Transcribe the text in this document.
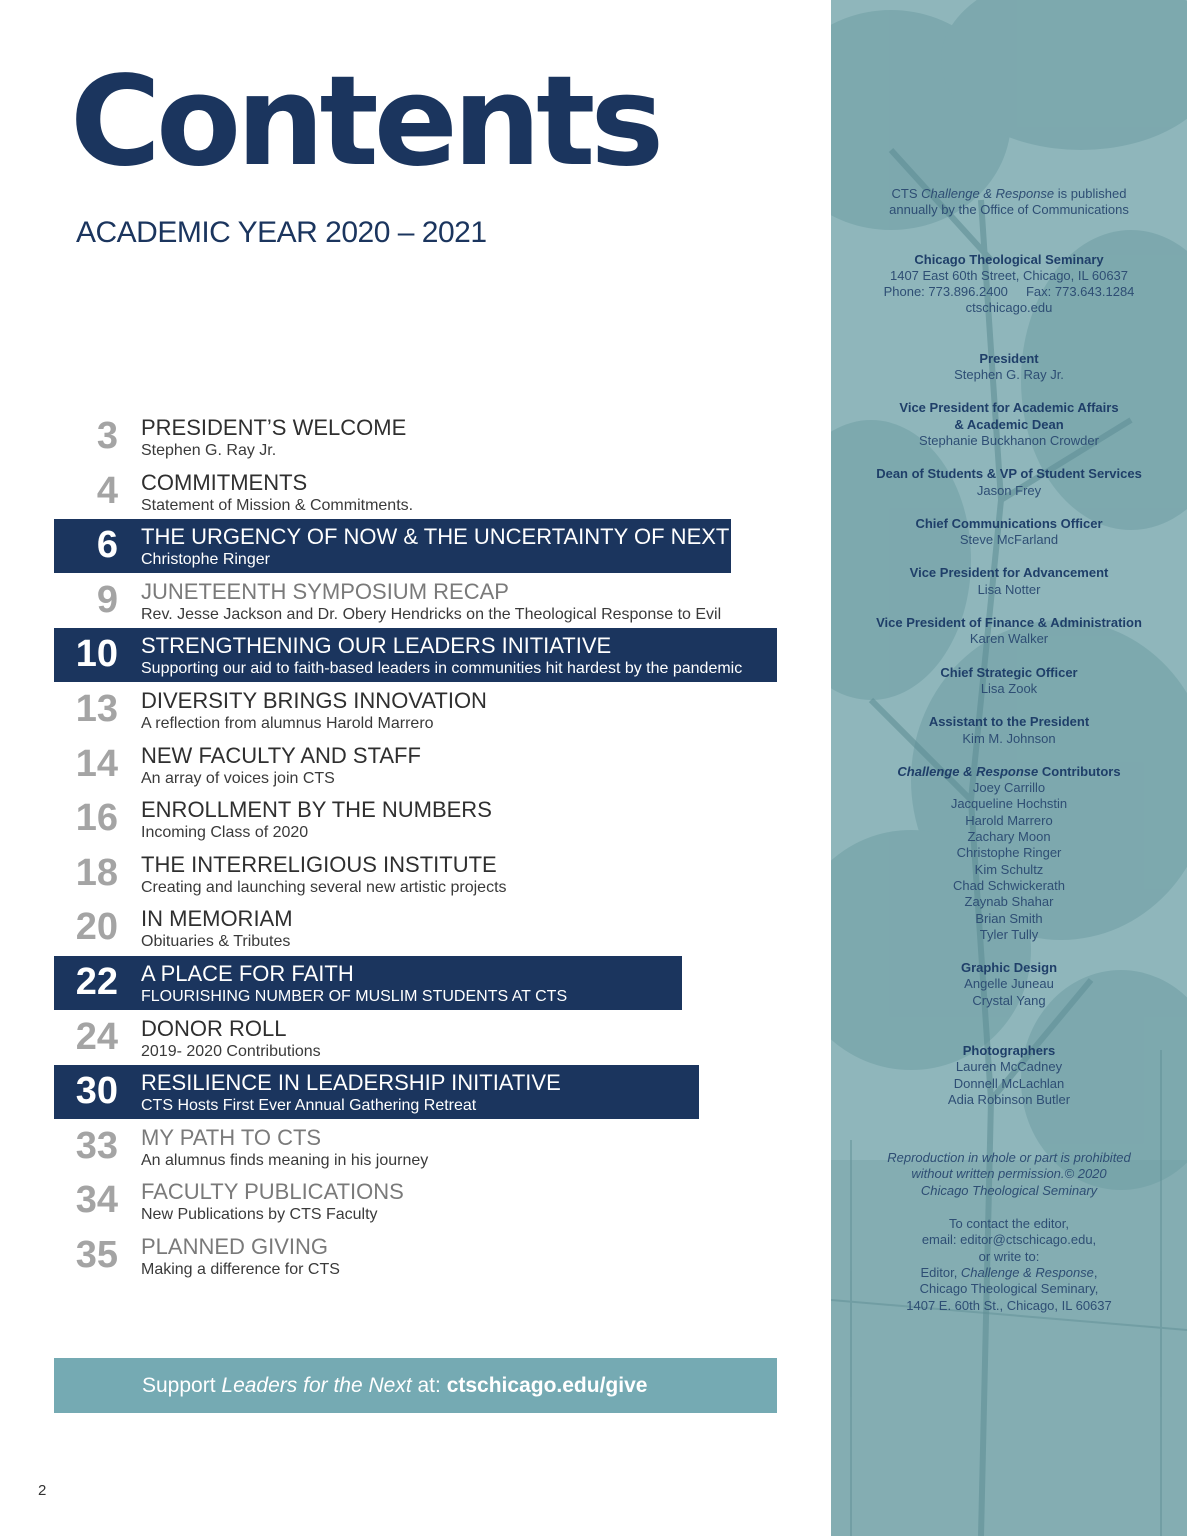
Contents
ACADEMIC YEAR 2020 – 2021
3 PRESIDENT’S WELCOME
Stephen G. Ray Jr.
4 COMMITMENTS
Statement of Mission & Commitments.
6 THE URGENCY OF NOW & THE UNCERTAINTY OF NEXT
Christophe Ringer
9 JUNETEENTH SYMPOSIUM RECAP
Rev. Jesse Jackson and Dr. Obery Hendricks on the Theological Response to Evil
10 STRENGTHENING OUR LEADERS INITIATIVE
Supporting our aid to faith-based leaders in communities hit hardest by the pandemic
13 DIVERSITY BRINGS INNOVATION
A reflection from alumnus Harold Marrero
14 NEW FACULTY AND STAFF
An array of voices join CTS
16 ENROLLMENT BY THE NUMBERS
Incoming Class of 2020
18 THE INTERRELIGIOUS INSTITUTE
Creating and launching several new artistic projects
20 IN MEMORIAM
Obituaries & Tributes
22 A PLACE FOR FAITH
FLOURISHING NUMBER OF MUSLIM STUDENTS AT CTS
24 DONOR ROLL
2019- 2020 Contributions
30 RESILIENCE IN LEADERSHIP INITIATIVE
CTS Hosts First Ever Annual Gathering Retreat
33 MY PATH TO CTS
An alumnus finds meaning in his journey
34 FACULTY PUBLICATIONS
New Publications by CTS Faculty
35 PLANNED GIVING
Making a difference for CTS
Support Leaders for the Next at: ctschicago.edu/give
2
CTS Challenge & Response is published
annually by the Office of Communications
Chicago Theological Seminary
1407 East 60th Street, Chicago, IL 60637
Phone: 773.896.2400 Fax: 773.643.1284
ctschicago.edu
President
Stephen G. Ray Jr.
Vice President for Academic Affairs
& Academic Dean
Stephanie Buckhanon Crowder
Dean of Students & VP of Student Services
Jason Frey
Chief Communications Officer
Steve McFarland
Vice President for Advancement
Lisa Notter
Vice President of Finance & Administration
Karen Walker
Chief Strategic Officer
Lisa Zook
Assistant to the President
Kim M. Johnson
Challenge & Response Contributors
Joey Carrillo
Jacqueline Hochstin
Harold Marrero
Zachary Moon
Christophe Ringer
Kim Schultz
Chad Schwickerath
Zaynab Shahar
Brian Smith
Tyler Tully
Graphic Design
Angelle Juneau
Crystal Yang
Photographers
Lauren McCadney
Donnell McLachlan
Adia Robinson Butler
Reproduction in whole or part is prohibited
without written permission.© 2020
Chicago Theological Seminary
To contact the editor,
email: editor@ctschicago.edu,
or write to:
Editor, Challenge & Response,
Chicago Theological Seminary,
1407 E. 60th St., Chicago, IL 60637
